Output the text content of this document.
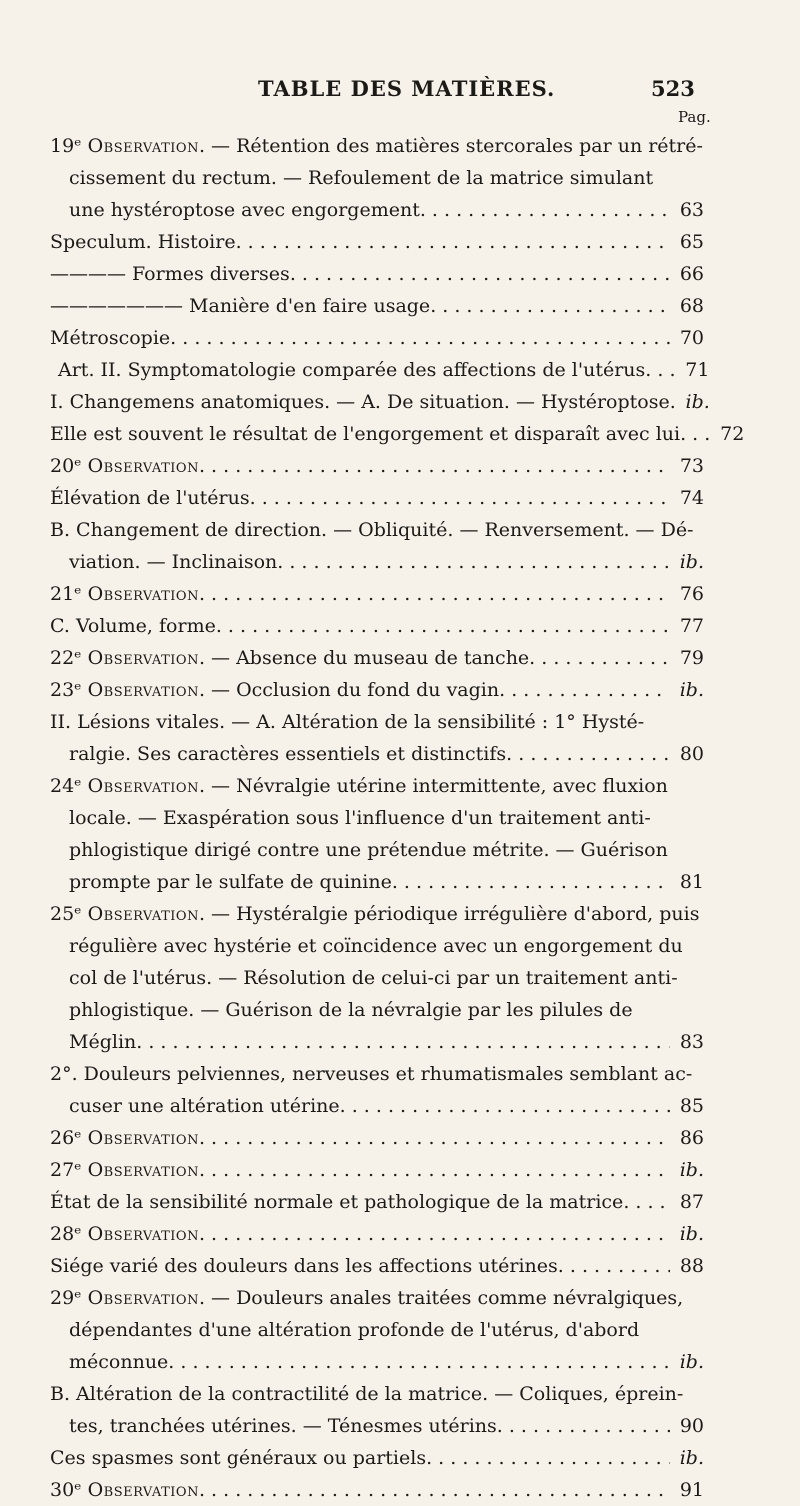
TABLE DES MATIÈRES.	523
Pag.
19ᵉ Observation. — Rétention des matières stercorales par un rétré-
cissement du rectum. — Refoulement de la matrice simulant
une hystéroptose avec engorgement . . .	63
Speculum. Histoire . . .	65
———— Formes diverses . . .	66
——————— Manière d'en faire usage . . .	68
Métroscopie . . .	70
Art. II. Symptomatologie comparée des affections de l'utérus. . . 71
I. Changemens anatomiques. — A. De situation. — Hystéroptose. ib.
Elle est souvent le résultat de l'engorgement et disparaît avec lui. . . 72
20ᵉ Observation . . .	73
Élévation de l'utérus . . .	74
B. Changement de direction. — Obliquité. — Renversement. — Dé-
viation. — Inclinaison . . .	ib.
21ᵉ Observation . . .	76
C. Volume, forme . . .	77
22ᵉ Observation. — Absence du museau de tanche . . .	79
23ᵉ Observation. — Occlusion du fond du vagin . . .	ib.
II. Lésions vitales. — A. Altération de la sensibilité : 1° Hysté-
ralgie. Ses caractères essentiels et distinctifs . . .	80
24ᵉ Observation. — Névralgie utérine intermittente, avec fluxion
locale. — Exaspération sous l'influence d'un traitement anti-
phlogistique dirigé contre une prétendue métrite. — Guérison
prompte par le sulfate de quinine . . .	81
25ᵉ Observation. — Hystéralgie périodique irrégulière d'abord, puis
régulière avec hystérie et coïncidence avec un engorgement du
col de l'utérus. — Résolution de celui-ci par un traitement anti-
phlogistique. — Guérison de la névralgie par les pilules de
Méglin . . .	83
2°. Douleurs pelviennes, nerveuses et rhumatismales semblant ac-
cuser une altération utérine . . .	85
26ᵉ Observation . . .	86
27ᵉ Observation . . .	ib.
État de la sensibilité normale et pathologique de la matrice . . .	87
28ᵉ Observation . . .	ib.
Siége varié des douleurs dans les affections utérines . . .	88
29ᵉ Observation. — Douleurs anales traitées comme névralgiques,
dépendantes d'une altération profonde de l'utérus, d'abord
méconnue . . .	ib.
B. Altération de la contractilité de la matrice. — Coliques, éprein-
tes, tranchées utérines. — Ténesmes utérins . . .	90
Ces spasmes sont généraux ou partiels . . .	ib.
30ᵉ Observation . . .	91
